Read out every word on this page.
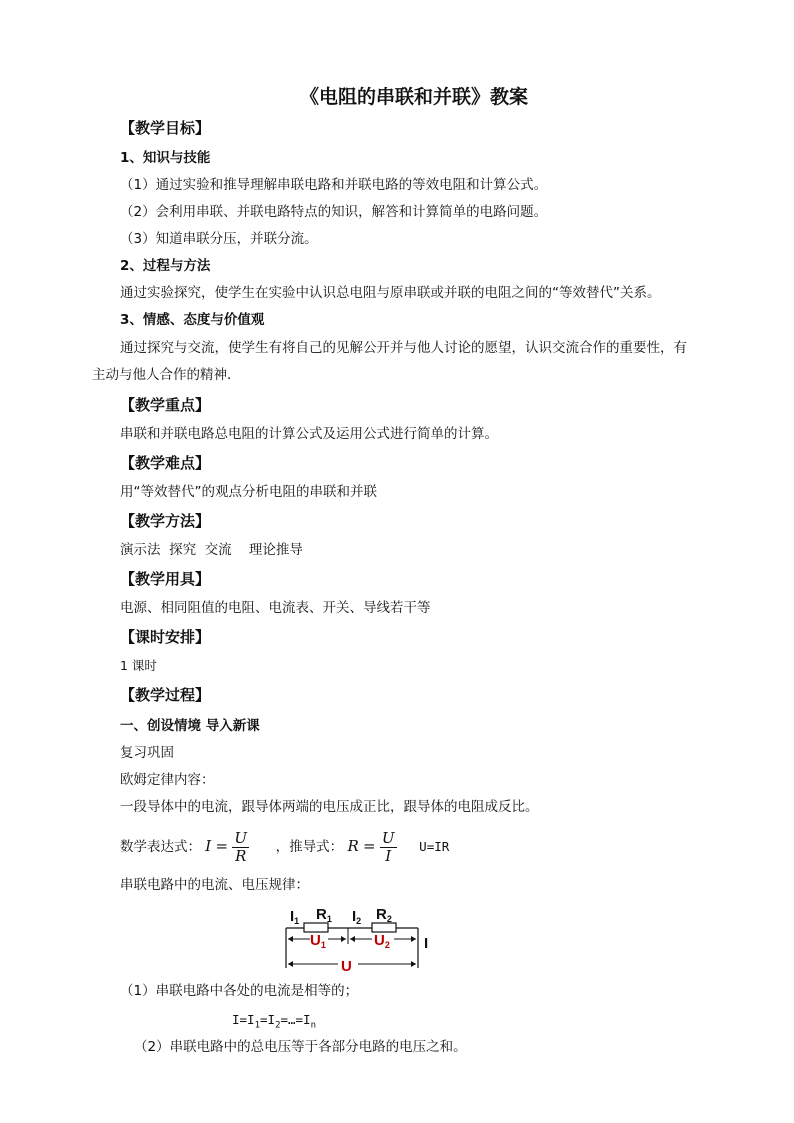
《电阻的串联和并联》教案
【教学目标】
1、知识与技能
（1）通过实验和推导理解串联电路和并联电路的等效电阻和计算公式。
（2）会利用串联、并联电路特点的知识，解答和计算简单的电路问题。
（3）知道串联分压，并联分流。
2、过程与方法
通过实验探究，使学生在实验中认识总电阻与原串联或并联的电阻之间的“等效替代”关系。
3、情感、态度与价值观
通过探究与交流，使学生有将自己的见解公开并与他人讨论的愿望，认识交流合作的重要性，有
主动与他人合作的精神．
【教学重点】
串联和并联电路总电阻的计算公式及运用公式进行简单的计算。
【教学难点】
用“等效替代”的观点分析电阻的串联和并联
【教学方法】
演示法  探究  交流    理论推导
【教学用具】
电源、相同阻值的电阻、电流表、开关、导线若干等
【课时安排】
1 课时
【教学过程】
一、创设情境 导入新课
复习巩固
欧姆定律内容：
一段导体中的电流，跟导体两端的电压成正比，跟导体的电阻成反比。
数学表达式： $I = \frac{U}{R}$ ，推导式： $R = \frac{U}{I} U=IR$
串联电路中的电流、电压规律：
$I_1$ $R_1$ $I_2$ $R_2$
$U_1$	$U_2$ I
U
（1）串联电路中各处的电流是相等的；
$I=I_1=I_2=\dots=I_n$
（2）串联电路中的总电压等于各部分电路的电压之和。
